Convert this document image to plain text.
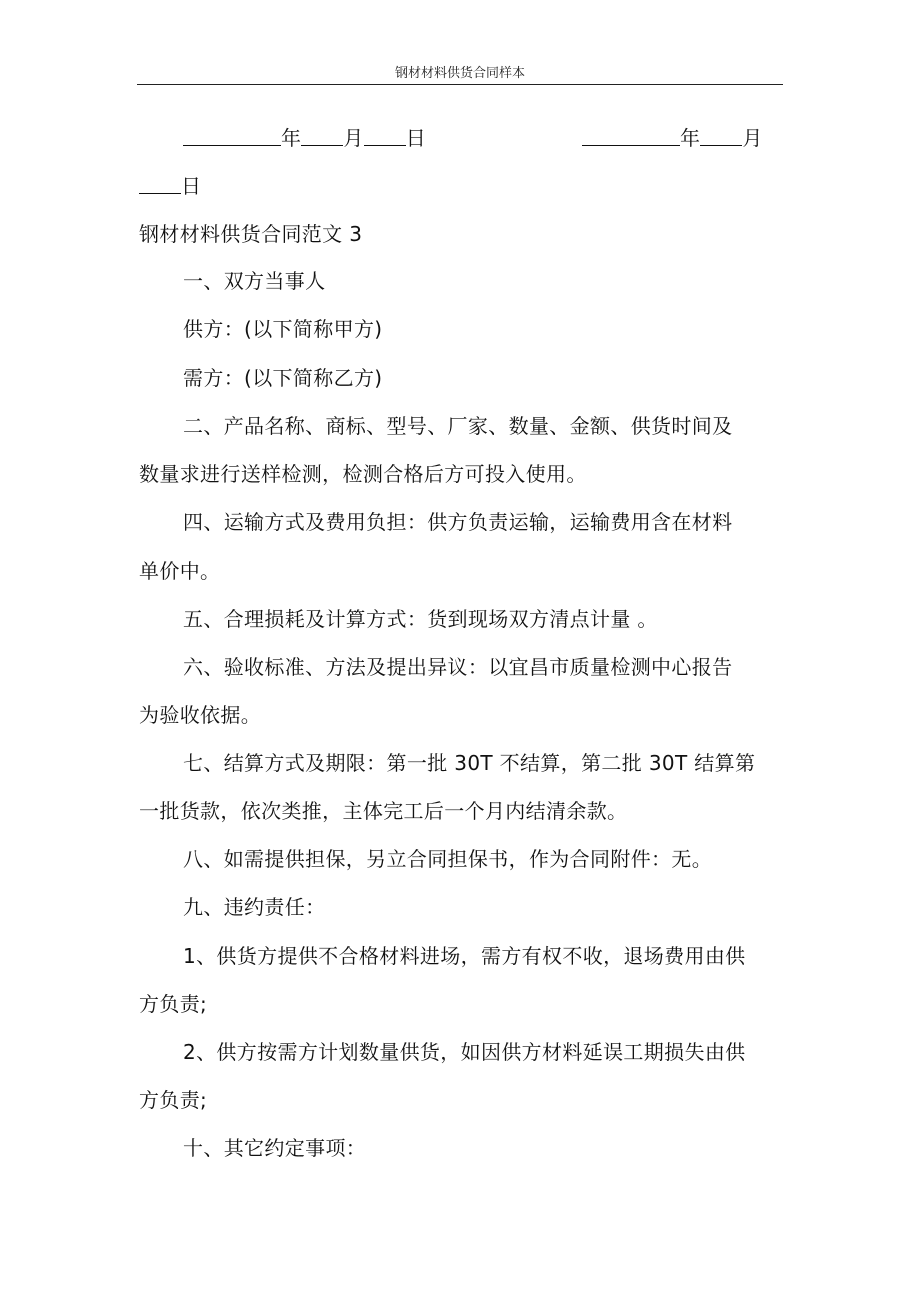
钢材材料供货合同样本
年 月 日	年 月
日
钢材材料供货合同范文 3
一、双方当事人
供方：(以下简称甲方)
需方：(以下简称乙方)
二、产品名称、商标、型号、厂家、数量、金额、供货时间及
数量求进行送样检测，检测合格后方可投入使用。
四、运输方式及费用负担：供方负责运输，运输费用含在材料
单价中。
五、合理损耗及计算方式：货到现场双方清点计量 。
六、验收标准、方法及提出异议：以宜昌市质量检测中心报告
为验收依据。
七、结算方式及期限：第一批 30T 不结算，第二批 30T 结算第
一批货款，依次类推，主体完工后一个月内结清余款。
八、如需提供担保，另立合同担保书，作为合同附件：无。
九、违约责任：
1、供货方提供不合格材料进场，需方有权不收，退场费用由供
方负责;
2、供方按需方计划数量供货，如因供方材料延误工期损失由供
方负责;
十、其它约定事项：
